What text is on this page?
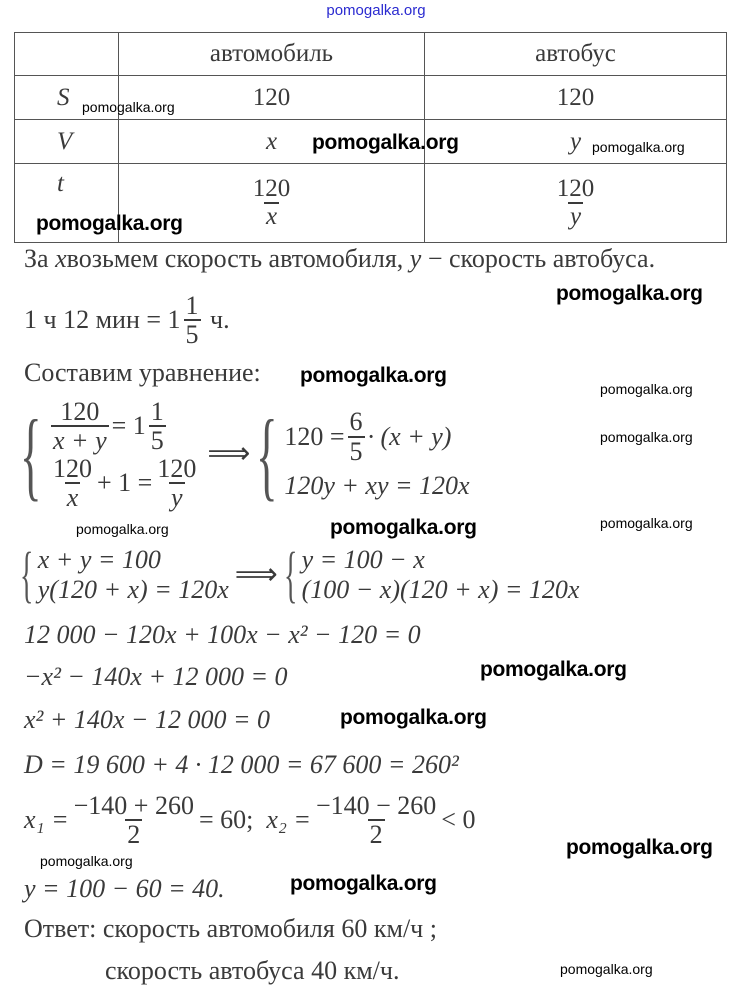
pomogalka.org
	автомобиль	автобус
S	120	120
V	x	y
t	$\frac{120}{x}$	$\frac{120}{y}$
За
x возьмем скорость автомобиля,
y
− скорость автобуса.
1 ч 12 мин = $1 \frac{1}{5}$
ч.
Составим уравнение:
{ $\frac{120}{x + y} = 1 \frac{1}{5}$
$\frac{120}{x} + 1 = \frac{120}{y}$
⟹ { $120 = \frac{6}{5} \cdot (x + y)$
120y + xy = 120x
{ x + y = 100
y(120 + x) = 120x ⟹ { y = 100 − x
(100 − x)(120 + x) = 120x
12 000 − 120x + 100x − x² − 120 = 0
−x² − 140x + 12 000 = 0
x² + 140x − 12 000 = 0
D = 19 600 + 4 · 12 000 = 67 600 = 260²
$x_1 = \frac{-140 + 260}{2} = 60$;
$x_2 = \frac{-140 - 260}{2} < 0$
y = 100 − 60 = 40.
Ответ: скорость автомобиля 60 км/ч ;
скорость автобуса 40 км/ч.
pomogalka.org
pomogalka.org	pomogalka.org
pomogalka.org
pomogalka.org
pomogalka.org
pomogalka.org
pomogalka.org
pomogalka.org	pomogalka.org	pomogalka.org
pomogalka.org
pomogalka.org
pomogalka.org
pomogalka.org
pomogalka.org
pomogalka.org
